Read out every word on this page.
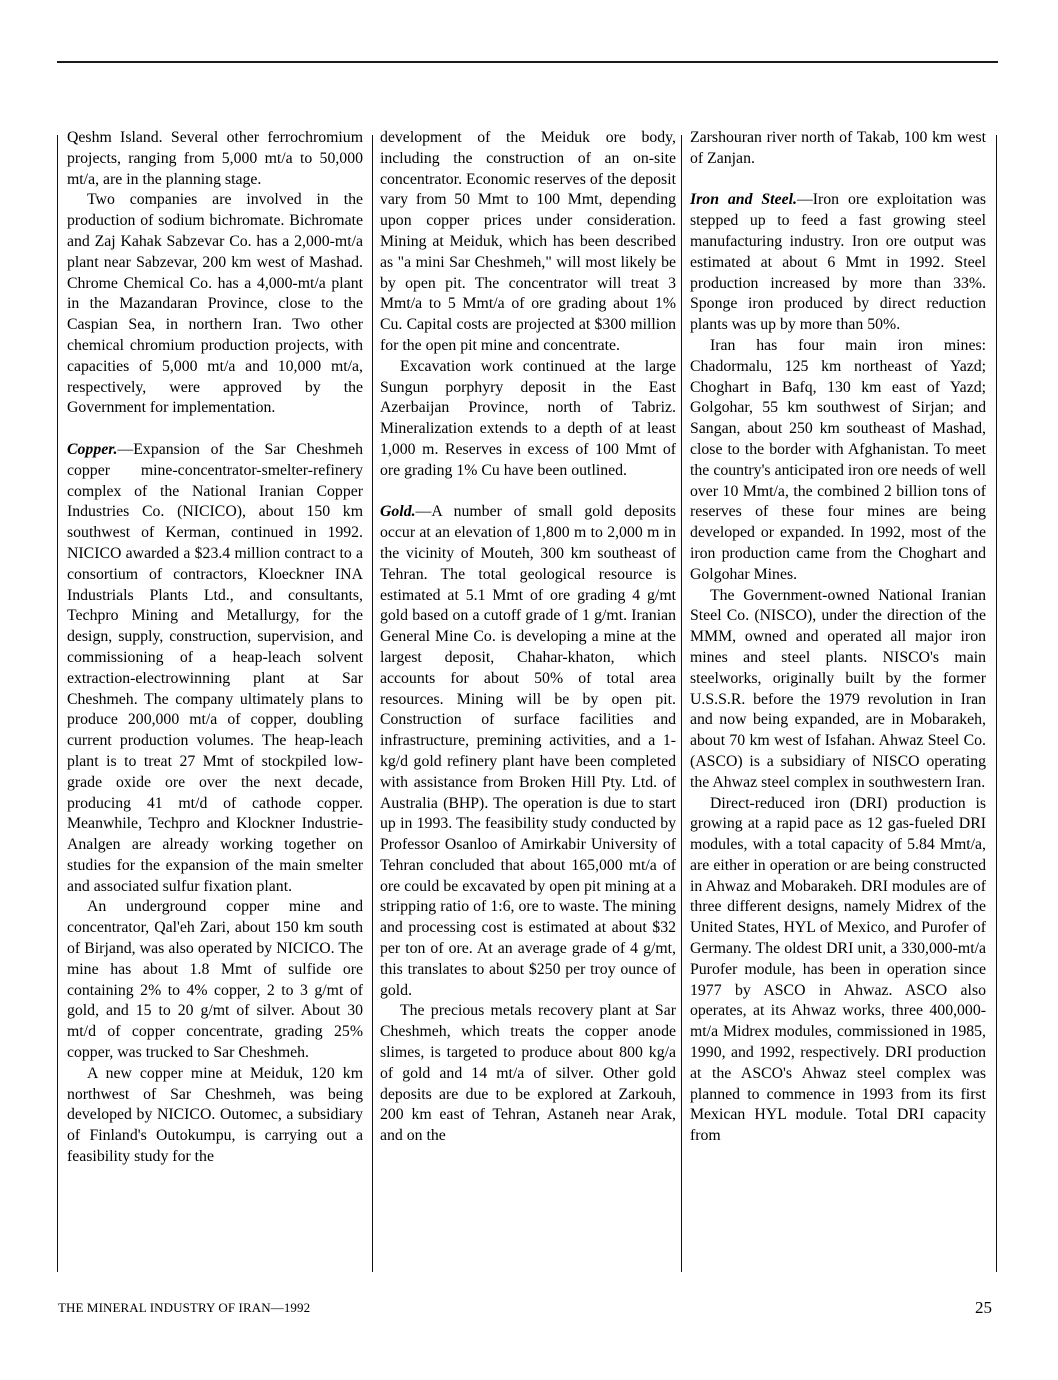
Qeshm Island. Several other ferrochromium projects, ranging from 5,000 mt/a to 50,000 mt/a, are in the planning stage.

Two companies are involved in the production of sodium bichromate. Bichromate and Zaj Kahak Sabzevar Co. has a 2,000-mt/a plant near Sabzevar, 200 km west of Mashad. Chrome Chemical Co. has a 4,000-mt/a plant in the Mazandaran Province, close to the Caspian Sea, in northern Iran. Two other chemical chromium production projects, with capacities of 5,000 mt/a and 10,000 mt/a, respectively, were approved by the Government for implementation.

Copper.—Expansion of the Sar Cheshmeh copper mine-concentrator-smelter-refinery complex of the National Iranian Copper Industries Co. (NICICO), about 150 km southwest of Kerman, continued in 1992. NICICO awarded a $23.4 million contract to a consortium of contractors, Kloeckner INA Industrials Plants Ltd., and consultants, Techpro Mining and Metallurgy, for the design, supply, construction, supervision, and commissioning of a heap-leach solvent extraction-electrowinning plant at Sar Cheshmeh. The company ultimately plans to produce 200,000 mt/a of copper, doubling current production volumes. The heap-leach plant is to treat 27 Mmt of stockpiled low-grade oxide ore over the next decade, producing 41 mt/d of cathode copper. Meanwhile, Techpro and Klockner Industrie-Analgen are already working together on studies for the expansion of the main smelter and associated sulfur fixation plant.

An underground copper mine and concentrator, Qal'eh Zari, about 150 km south of Birjand, was also operated by NICICO. The mine has about 1.8 Mmt of sulfide ore containing 2% to 4% copper, 2 to 3 g/mt of gold, and 15 to 20 g/mt of silver. About 30 mt/d of copper concentrate, grading 25% copper, was trucked to Sar Cheshmeh.

A new copper mine at Meiduk, 120 km northwest of Sar Cheshmeh, was being developed by NICICO. Outomec, a subsidiary of Finland's Outokumpu, is carrying out a feasibility study for the

development of the Meiduk ore body, including the construction of an on-site concentrator. Economic reserves of the deposit vary from 50 Mmt to 100 Mmt, depending upon copper prices under consideration. Mining at Meiduk, which has been described as "a mini Sar Cheshmeh," will most likely be by open pit. The concentrator will treat 3 Mmt/a to 5 Mmt/a of ore grading about 1% Cu. Capital costs are projected at $300 million for the open pit mine and concentrate.

Excavation work continued at the large Sungun porphyry deposit in the East Azerbaijan Province, north of Tabriz. Mineralization extends to a depth of at least 1,000 m. Reserves in excess of 100 Mmt of ore grading 1% Cu have been outlined.

Gold.—A number of small gold deposits occur at an elevation of 1,800 m to 2,000 m in the vicinity of Mouteh, 300 km southeast of Tehran. The total geological resource is estimated at 5.1 Mmt of ore grading 4 g/mt gold based on a cutoff grade of 1 g/mt. Iranian General Mine Co. is developing a mine at the largest deposit, Chahar-khaton, which accounts for about 50% of total area resources. Mining will be by open pit. Construction of surface facilities and infrastructure, premining activities, and a 1-kg/d gold refinery plant have been completed with assistance from Broken Hill Pty. Ltd. of Australia (BHP). The operation is due to start up in 1993. The feasibility study conducted by Professor Osanloo of Amirkabir University of Tehran concluded that about 165,000 mt/a of ore could be excavated by open pit mining at a stripping ratio of 1:6, ore to waste. The mining and processing cost is estimated at about $32 per ton of ore. At an average grade of 4 g/mt, this translates to about $250 per troy ounce of gold.

The precious metals recovery plant at Sar Cheshmeh, which treats the copper anode slimes, is targeted to produce about 800 kg/a of gold and 14 mt/a of silver. Other gold deposits are due to be explored at Zarkouh, 200 km east of Tehran, Astaneh near Arak, and on the

Zarshouran river north of Takab, 100 km west of Zanjan.

Iron and Steel.—Iron ore exploitation was stepped up to feed a fast growing steel manufacturing industry. Iron ore output was estimated at about 6 Mmt in 1992. Steel production increased by more than 33%. Sponge iron produced by direct reduction plants was up by more than 50%.

Iran has four main iron mines: Chadormalu, 125 km northeast of Yazd; Choghart in Bafq, 130 km east of Yazd; Golgohar, 55 km southwest of Sirjan; and Sangan, about 250 km southeast of Mashad, close to the border with Afghanistan. To meet the country's anticipated iron ore needs of well over 10 Mmt/a, the combined 2 billion tons of reserves of these four mines are being developed or expanded. In 1992, most of the iron production came from the Choghart and Golgohar Mines.

The Government-owned National Iranian Steel Co. (NISCO), under the direction of the MMM, owned and operated all major iron mines and steel plants. NISCO's main steelworks, originally built by the former U.S.S.R. before the 1979 revolution in Iran and now being expanded, are in Mobarakeh, about 70 km west of Isfahan. Ahwaz Steel Co. (ASCO) is a subsidiary of NISCO operating the Ahwaz steel complex in southwestern Iran.

Direct-reduced iron (DRI) production is growing at a rapid pace as 12 gas-fueled DRI modules, with a total capacity of 5.84 Mmt/a, are either in operation or are being constructed in Ahwaz and Mobarakeh. DRI modules are of three different designs, namely Midrex of the United States, HYL of Mexico, and Purofer of Germany. The oldest DRI unit, a 330,000-mt/a Purofer module, has been in operation since 1977 by ASCO in Ahwaz. ASCO also operates, at its Ahwaz works, three 400,000-mt/a Midrex modules, commissioned in 1985, 1990, and 1992, respectively. DRI production at the ASCO's Ahwaz steel complex was planned to commence in 1993 from its first Mexican HYL module. Total DRI capacity from

THE MINERAL INDUSTRY OF IRAN—1992	25
